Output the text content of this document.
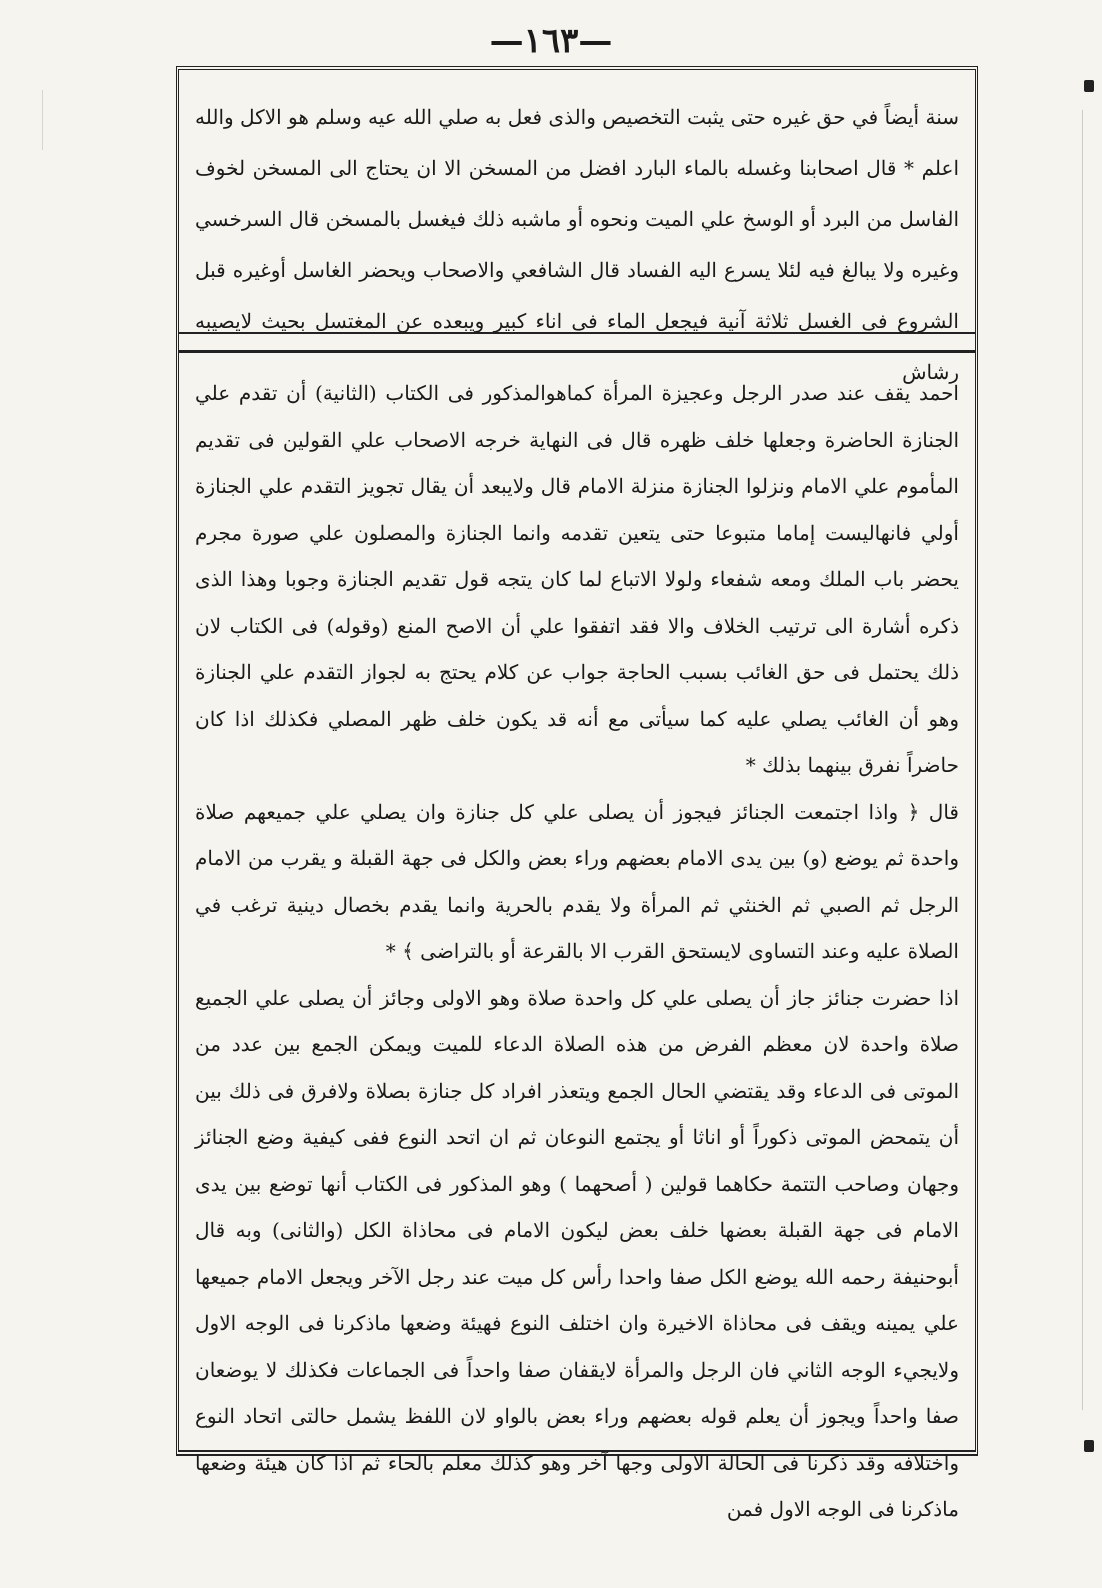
—١٦٣—
سنة أيضاً في حق غيره حتى يثبت التخصيص والذى فعل به صلي الله عيه وسلم هو الاكل والله اعلم * قال اصحابنا وغسله بالماء البارد افضل من المسخن الا ان يحتاج الى المسخن لخوف الفاسل من البرد أو الوسخ علي الميت ونحوه أو ماشبه ذلك فيغسل بالمسخن قال السرخسي وغيره ولا يبالغ فيه لئلا يسرع اليه الفساد قال الشافعي والاصحاب ويحضر الغاسل أوغيره قبل الشروع فى الغسل ثلاثة آنية فيجعل الماء فى اناء كبير ويبعده عن المغتسل بحيث لايصيبه رشاش

احمد يقف عند صدر الرجل وعجيزة المرأة كماهوالمذكور فى الكتاب (الثانية) أن تقدم علي الجنازة الحاضرة وجعلها خلف ظهره قال فى النهاية خرجه الاصحاب علي القولين فى تقديم المأموم علي الامام ونزلوا الجنازة منزلة الامام قال ولايبعد أن يقال تجويز التقدم علي الجنازة أولي فانهاليست إماما متبوعا حتى يتعين تقدمه وانما الجنازة والمصلون علي صورة مجرم يحضر باب الملك ومعه شفعاء ولولا الاتباع لما كان يتجه قول تقديم الجنازة وجوبا وهذا الذى ذكره أشارة الى ترتيب الخلاف والا فقد اتفقوا علي أن الاصح المنع (وقوله) فى الكتاب لان ذلك يحتمل فى حق الغائب بسبب الحاجة جواب عن كلام يحتج به لجواز التقدم علي الجنازة وهو أن الغائب يصلي عليه كما سيأتى مع أنه قد يكون خلف ظهر المصلي فكذلك اذا كان حاضراً نفرق بينهما بذلك *

قال ﴿ واذا اجتمعت الجنائز فيجوز أن يصلى علي كل جنازة وان يصلي علي جميعهم صلاة واحدة ثم يوضع (و) بين يدى الامام بعضهم وراء بعض والكل فى جهة القبلة و يقرب من الامام الرجل ثم الصبي ثم الخنثي ثم المرأة ولا يقدم بالحرية وانما يقدم بخصال دينية ترغب في الصلاة عليه وعند التساوى لايستحق القرب الا بالقرعة أو بالتراضى ﴾ *

اذا حضرت جنائز جاز أن يصلى علي كل واحدة صلاة وهو الاولى وجائز أن يصلى علي الجميع صلاة واحدة لان معظم الفرض من هذه الصلاة الدعاء للميت ويمكن الجمع بين عدد من الموتى فى الدعاء وقد يقتضي الحال الجمع ويتعذر افراد كل جنازة بصلاة ولافرق فى ذلك بين أن يتمحض الموتى ذكوراً أو اناثا أو يجتمع النوعان ثم ان اتحد النوع ففى كيفية وضع الجنائز وجهان وصاحب التتمة حكاهما قولين ( أصحهما ) وهو المذكور فى الكتاب أنها توضع بين يدى الامام فى جهة القبلة بعضها خلف بعض ليكون الامام فى محاذاة الكل (والثانى) وبه قال أبوحنيفة رحمه الله يوضع الكل صفا واحدا رأس كل ميت عند رجل الآخر ويجعل الامام جميعها علي يمينه ويقف فى محاذاة الاخيرة وان اختلف النوع فهيئة وضعها ماذكرنا فى الوجه الاول ولايجيء الوجه الثاني فان الرجل والمرأة لايقفان صفا واحداً فى الجماعات فكذلك لا يوضعان صفا واحداً ويجوز أن يعلم قوله بعضهم وراء بعض بالواو لان اللفظ يشمل حالتى اتحاد النوع واختلافه وقد ذكرنا فى الحالة الاولى وجها آخر وهو كذلك معلم بالحاء ثم اذا كان هيئة وضعها ماذكرنا فى الوجه الاول فمن
